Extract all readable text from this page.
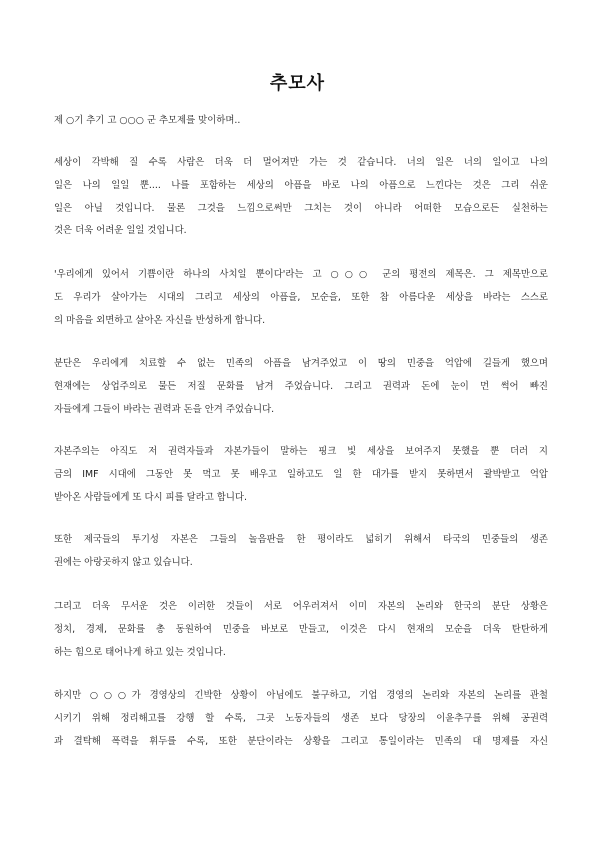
추모사
제 ○기 추기 고 ○○○ 군 추모제를 맞이하며..
세상이 각박해 질 수록 사람은 더욱 더 멀어져만 가는 것 같습니다. 너의 일은 너의 일이고 나의
일은 나의 일일 뿐.... 나를 포함하는 세상의 아픔을 바로 나의 아픔으로 느낀다는 것은 그리 쉬운
일은 아닐 것입니다. 물론 그것을 느낌으로써만 그치는 것이 아니라 어떠한 모습으로든 실천하는
것은 더욱 어려운 일일 것입니다.
'우리에게 있어서 기쁨이란 하나의 사치일 뿐이다'라는 고 ○○○ 군의 평전의 제목은. 그 제목만으로
도 우리가 살아가는 시대의 그리고 세상의 아픔을, 모순을, 또한 참 아름다운 세상을 바라는 스스로
의 마음을 외면하고 살아온 자신을 반성하게 합니다.
분단은 우리에게 치료할 수 없는 민족의 아픔을 남겨주었고 이 땅의 민중을 억압에 길들게 했으며
현재에는 상업주의로 물든 저질 문화를 남겨 주었습니다. 그리고 권력과 돈에 눈이 먼 썩어 빠진
자들에게 그들이 바라는 권력과 돈을 안겨 주었습니다.
자본주의는 아직도 저 권력자들과 자본가들이 말하는 핑크 빛 세상을 보여주지 못했을 뿐 더러 지
금의 IMF 시대에 그동안 못 먹고 못 배우고 일하고도 일 한 대가를 받지 못하면서 괄박받고 억압
받아온 사람들에게 또 다시 피를 달라고 합니다.
또한 제국들의 투기성 자본은 그들의 놀음판을 한 평이라도 넓히기 위해서 타국의 민중들의 생존
권에는 아랑곳하지 않고 있습니다.
그리고 더욱 무서운 것은 이러한 것들이 서로 어우러져서 이미 자본의 논리와 한국의 분단 상황은
정치, 경제, 문화를 총 동원하여 민중을 바보로 만들고, 이것은 다시 현재의 모순을 더욱 탄탄하게
하는 힘으로 태어나게 하고 있는 것입니다.
하지만 ○○○가 경영상의 긴박한 상황이 아님에도 불구하고, 기업 경영의 논리와 자본의 논리를 관철
시키기 위해 정리해고를 강행 할 수록, 그곳 노동자들의 생존 보다 당장의 이윤추구를 위해 공권력
과 결탁해 폭력을 휘두를 수록, 또한 분단이라는 상황을 그리고 통일이라는 민족의 대 명제를 자신
